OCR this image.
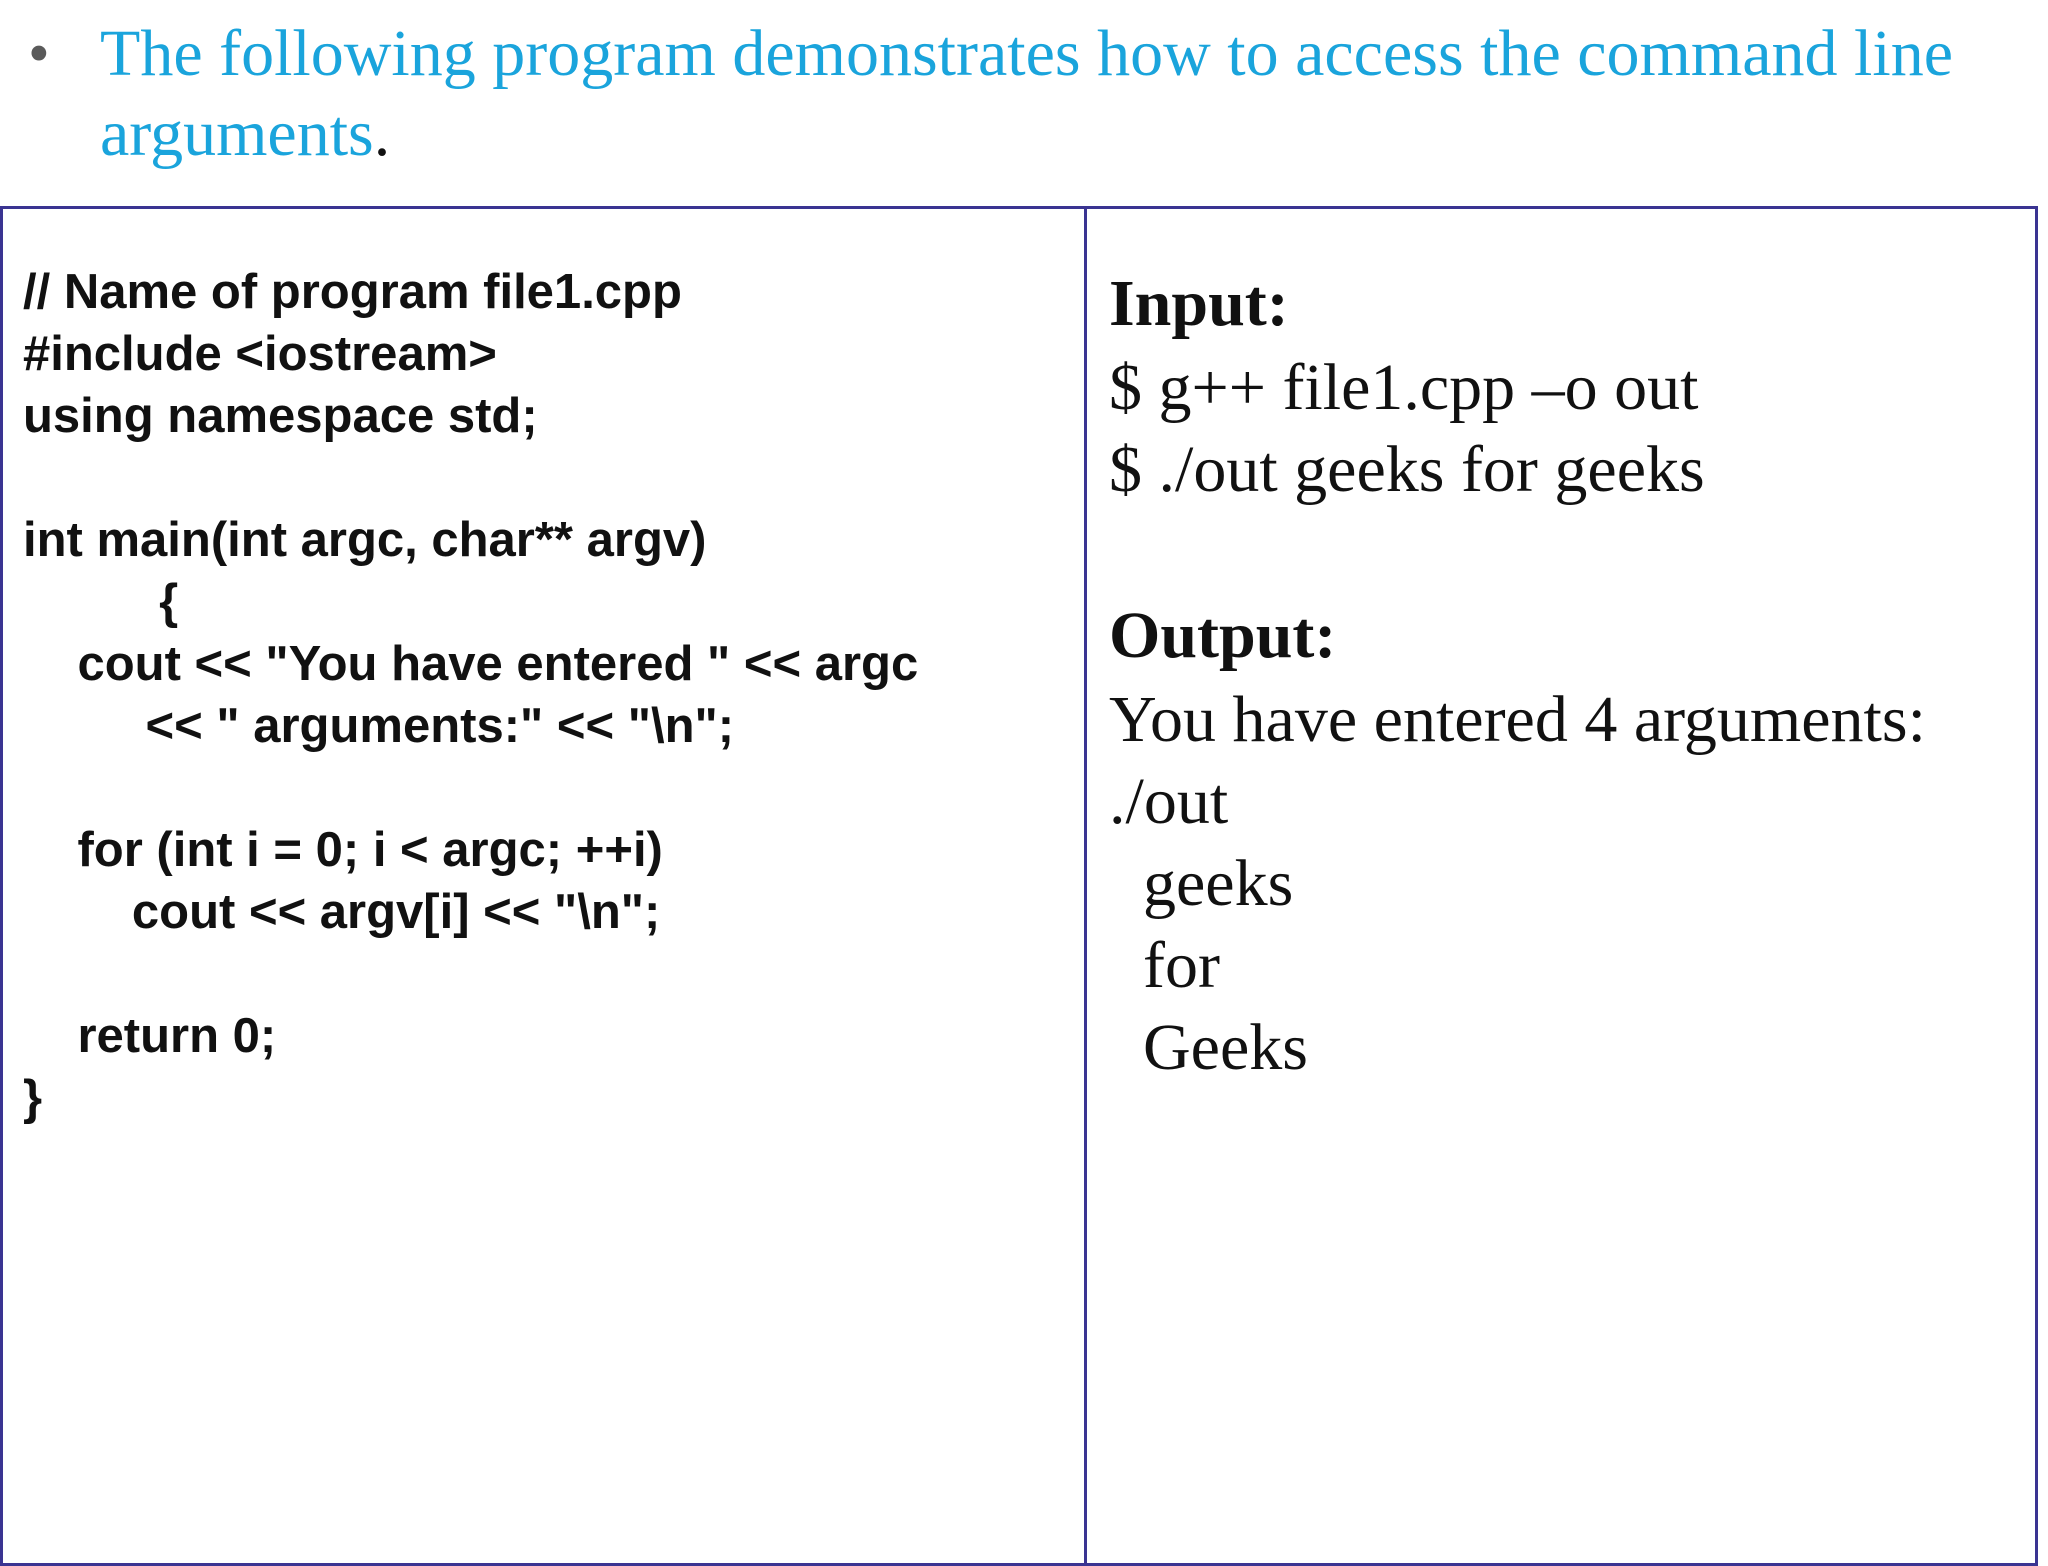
• The following program demonstrates how to access the command line
arguments.
// Name of program file1.cpp
#include <iostream>
using namespace std;
int main(int argc, char** argv)
{
cout << "You have entered " << argc
<< " arguments:" << "\n";
for (int i = 0; i < argc; ++i)
cout << argv[i] << "\n";
return 0;
}
Input:
$ g++ file1.cpp –o out
$ ./out geeks for geeks
Output:
You have entered 4 arguments:
./out
geeks
for
Geeks
